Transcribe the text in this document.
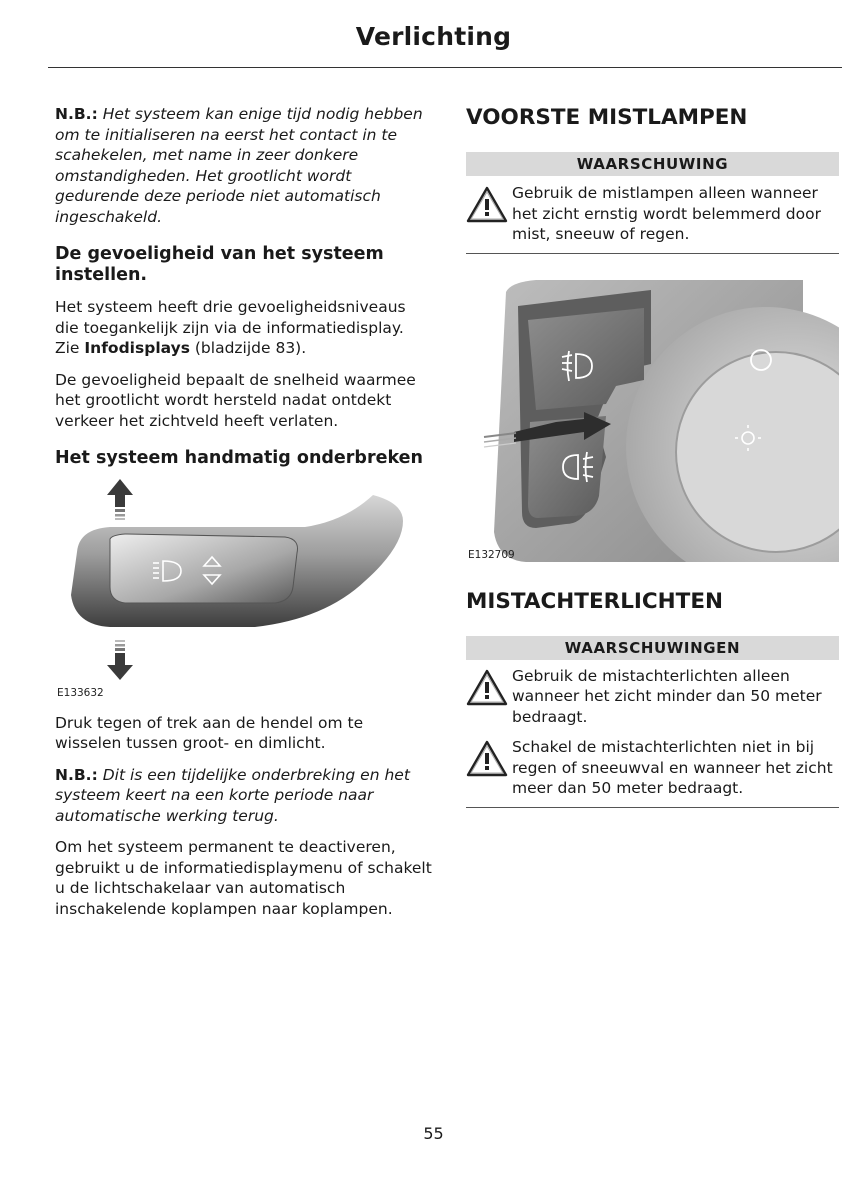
Verlichting

N.B.: Het systeem kan enige tijd nodig hebben om te initialiseren na eerst het contact in te scahekelen, met name in zeer donkere omstandigheden. Het grootlicht wordt gedurende deze periode niet automatisch ingeschakeld.

De gevoeligheid van het systeem instellen.

Het systeem heeft drie gevoeligheidsniveaus die toegankelijk zijn via de informatiedisplay. Zie Infodisplays (bladzijde 83).

De gevoeligheid bepaalt de snelheid waarmee het grootlicht wordt hersteld nadat ontdekt verkeer het zichtveld heeft verlaten.

Het systeem handmatig onderbreken
E133632

Druk tegen of trek aan de hendel om te wisselen tussen groot- en dimlicht.

N.B.: Dit is een tijdelijke onderbreking en het systeem keert na een korte periode naar automatische werking terug.

Om het systeem permanent te deactiveren, gebruikt u de informatiedisplaymenu of schakelt u de lichtschakelaar van automatisch inschakelende koplampen naar koplampen.

VOORSTE MISTLAMPEN
WAARSCHUWING
Gebruik de mistlampen alleen wanneer het zicht ernstig wordt belemmerd door mist, sneeuw of regen.
E132709
MISTACHTERLICHTEN
WAARSCHUWINGEN
Gebruik de mistachterlichten alleen wanneer het zicht minder dan 50 meter bedraagt.
Schakel de mistachterlichten niet in bij regen of sneeuwval en wanneer het zicht meer dan 50 meter bedraagt.
55
